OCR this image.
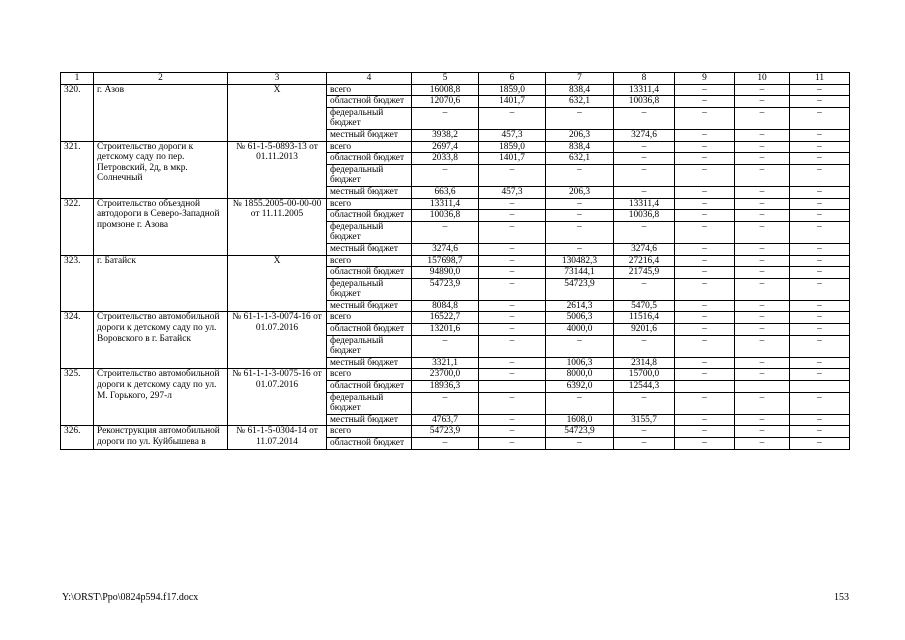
1	2	3	4	5	6	7	8	9	10	11
320.	г. Азов	Х	всего	16008,8	1859,0	838,4	13311,4	–	–	–
			областной бюджет	12070,6	1401,7	632,1	10036,8	–	–	–
			федеральный бюджет	–	–	–	–	–	–	–
			местный бюджет	3938,2	457,3	206,3	3274,6	–	–	–
321.	Строительство дороги к детскому саду по пер. Петровский, 2д, в мкр. Солнечный	№ 61-1-5-0893-13 от 01.11.2013	всего	2697,4	1859,0	838,4	–	–	–	–
			областной бюджет	2033,8	1401,7	632,1	–	–	–	–
			федеральный бюджет	–	–	–	–	–	–	–
			местный бюджет	663,6	457,3	206,3	–	–	–	–
322.	Строительство объездной автодороги в Северо-Западной промзоне г. Азова	№ 1855.2005-00-00-00 от 11.11.2005	всего	13311,4	–	–	13311,4	–	–	–
			областной бюджет	10036,8	–	–	10036,8	–	–	–
			федеральный бюджет	–	–	–	–	–	–	–
			местный бюджет	3274,6	–	–	3274,6	–	–	–
323.	г. Батайск	Х	всего	157698,7	–	130482,3	27216,4	–	–	–
			областной бюджет	94890,0	–	73144,1	21745,9	–	–	–
			федеральный бюджет	54723,9	–	54723,9	–	–	–	–
			местный бюджет	8084,8	–	2614,3	5470,5	–	–	–
324.	Строительство автомобильной дороги к детскому саду по ул. Воровского в г. Батайск	№ 61-1-1-3-0074-16 от 01.07.2016	всего	16522,7	–	5006,3	11516,4	–	–	–
			областной бюджет	13201,6	–	4000,0	9201,6	–	–	–
			федеральный бюджет	–	–	–	–	–	–	–
			местный бюджет	3321,1	–	1006,3	2314,8	–	–	–
325.	Строительство автомобильной дороги к детскому саду по ул. М. Горького, 297-л	№ 61-1-1-3-0075-16 от 01.07.2016	всего	23700,0	–	8000,0	15700,0	–	–	–
			областной бюджет	18936,3		6392,0	12544,3			
			федеральный бюджет	–	–	–	–	–	–	–
			местный бюджет	4763,7	–	1608,0	3155,7	–	–	–
326.	Реконструкция автомобильной дороги по ул. Куйбышева в	№ 61-1-5-0304-14 от 11.07.2014	всего	54723,9	–	54723,9	–	–	–	–
			областной бюджет	–	–	–	–	–	–	–
Y:\ORST\Ppo\0824p594.f17.docx	153
